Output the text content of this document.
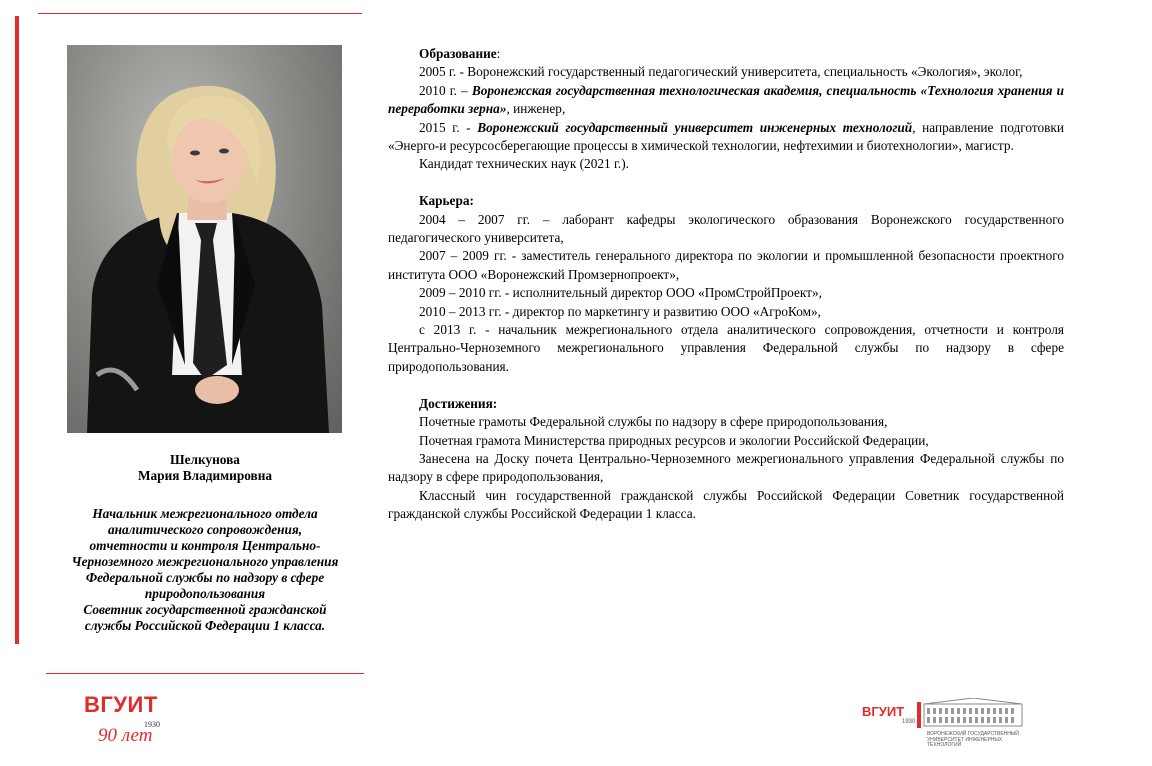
Шелкунова
Мария Владимировна
Начальник межрегионального отдела
аналитического сопровождения,
отчетности и контроля Центрально-
Черноземного межрегионального управления
Федеральной службы по надзору в сфере
природопользования
Советник государственной гражданской
службы Российской Федерации 1 класса.

Образование:

2005 г. - Воронежский государственный педагогический университета, специальность «Экология», эколог,

2010 г. – Воронежская государственная технологическая академия, специальность «Технология хранения и переработки зерна», инженер,

2015 г. - Воронежский государственный университет инженерных технологий, направление подготовки «Энерго-и ресурсосберегающие процессы в химической технологии, нефтехимии и биотехнологии», магистр.

Кандидат технических наук (2021 г.).

Карьера:

2004 – 2007 гг. – лаборант кафедры экологического образования Воронежского государственного педагогического университета,

2007 – 2009 гг. - заместитель генерального директора по экологии и промышленной безопасности проектного института ООО «Воронежский Промзернопроект»,

2009 – 2010 гг. - исполнительный директор ООО «ПромСтройПроект»,

2010 – 2013 гг. - директор по маркетингу и развитию ООО «АгроКом»,

с 2013 г. - начальник межрегионального отдела аналитического сопровождения, отчетности и контроля Центрально-Черноземного межрегионального управления Федеральной службы по надзору в сфере природопользования.

Достижения:

Почетные грамоты Федеральной службы по надзору в сфере природопользования,

Почетная грамота Министерства природных ресурсов и экологии Российской Федерации,

Занесена на Доску почета Центрально-Черноземного межрегионального управления Федеральной службы по надзору в сфере природопользования,

Классный чин государственной гражданской службы Российской Федерации Советник государственной гражданской службы Российской Федерации 1 класса.

ВГУИТ
1930
90 лет
ВГУИТ
1930
ВОРОНЕЖСКИЙ ГОСУДАРСТВЕННЫЙ
УНИВЕРСИТЕТ ИНЖЕНЕРНЫХ
ТЕХНОЛОГИЙ
